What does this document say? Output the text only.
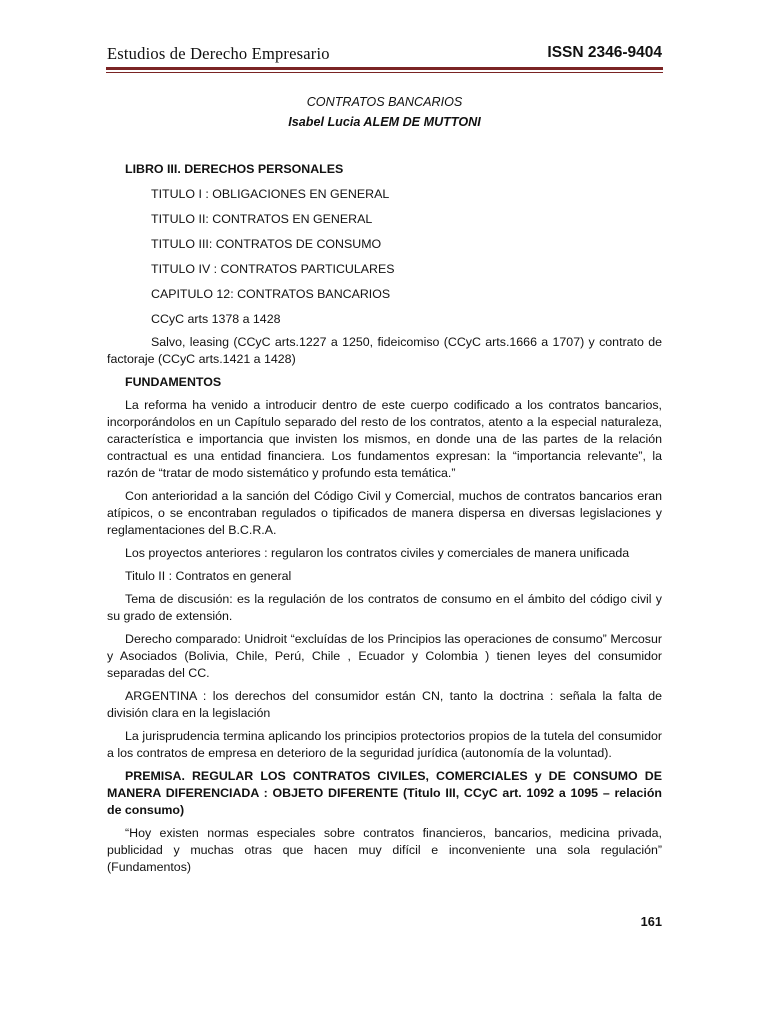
Estudios de Derecho Empresario	ISSN 2346-9404
CONTRATOS BANCARIOS
Isabel Lucia ALEM DE MUTTONI

LIBRO III. DERECHOS PERSONALES

TITULO I : OBLIGACIONES EN GENERAL

TITULO II: CONTRATOS EN GENERAL

TITULO III: CONTRATOS DE CONSUMO

TITULO IV : CONTRATOS PARTICULARES

CAPITULO 12: CONTRATOS BANCARIOS

CCyC arts 1378 a 1428

Salvo, leasing (CCyC arts.1227 a 1250, fideicomiso (CCyC arts.1666 a 1707) y contrato de factoraje (CCyC arts.1421 a 1428)

FUNDAMENTOS

La reforma ha venido a introducir dentro de este cuerpo codificado a los contratos bancarios, incorporándolos en un Capítulo separado del resto de los contratos, atento a la especial naturaleza, característica e importancia que invisten los mismos, en donde una de las partes de la relación contractual es una entidad financiera. Los fundamentos expresan: la “importancia relevante”, la razón de “tratar de modo sistemático y profundo esta temática.”

Con anterioridad a la sanción del Código Civil y Comercial, muchos de contratos bancarios eran atípicos, o se encontraban regulados o tipificados de manera dispersa en diversas legislaciones y reglamentaciones del B.C.R.A.

Los proyectos anteriores : regularon los contratos civiles y comerciales de manera unificada

Titulo II : Contratos en general

Tema de discusión: es la regulación de los contratos de consumo en el ámbito del código civil y su grado de extensión.

Derecho comparado: Unidroit “excluídas de los Principios las operaciones de consumo” Mercosur y Asociados (Bolivia, Chile, Perú, Chile , Ecuador y Colombia ) tienen leyes del consumidor separadas del CC.

ARGENTINA : los derechos del consumidor están CN, tanto la doctrina : señala la falta de división clara en la legislación

La jurisprudencia termina aplicando los principios protectorios propios de la tutela del consumidor a los contratos de empresa en deterioro de la seguridad jurídica (autonomía de la voluntad).

PREMISA. REGULAR LOS CONTRATOS CIVILES, COMERCIALES y DE CONSUMO DE MANERA DIFERENCIADA : OBJETO DIFERENTE (Titulo III, CCyC art. 1092 a 1095 – relación de consumo)

“Hoy existen normas especiales sobre contratos financieros, bancarios, medicina privada, publicidad y muchas otras que hacen muy difícil e inconveniente una sola regulación” (Fundamentos)

161
